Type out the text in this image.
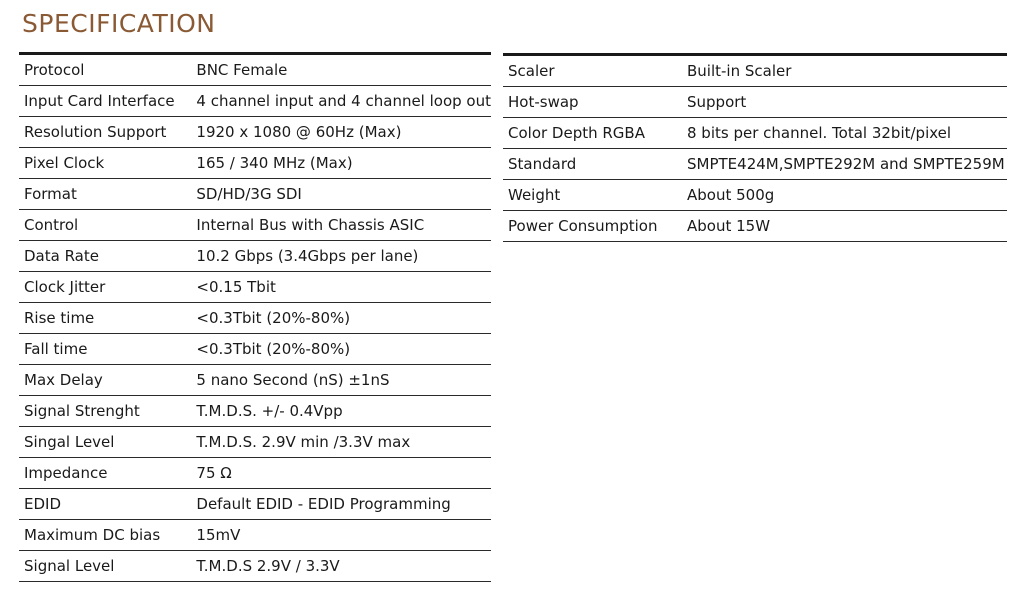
SPECIFICATION
Protocol	BNC Female
Input Card Interface	4 channel input and 4 channel loop out
Resolution Support	1920 x 1080 @ 60Hz (Max)
Pixel Clock	165 / 340 MHz (Max)
Format	SD/HD/3G SDI
Control	Internal Bus with Chassis ASIC
Data Rate	10.2 Gbps (3.4Gbps per lane)
Clock Jitter	<0.15 Tbit
Rise time	<0.3Tbit (20%-80%)
Fall time	<0.3Tbit (20%-80%)
Max Delay	5 nano Second (nS) ±1nS
Signal Strenght	T.M.D.S. +/- 0.4Vpp
Singal Level	T.M.D.S. 2.9V min /3.3V max
Impedance	75 Ω
EDID	Default EDID - EDID Programming
Maximum DC bias	15mV
Signal Level	T.M.D.S 2.9V / 3.3V
Scaler	Built-in Scaler
Hot-swap	Support
Color Depth RGBA	8 bits per channel. Total 32bit/pixel
Standard	SMPTE424M,SMPTE292M and SMPTE259M
Weight	About 500g
Power Consumption	About 15W
